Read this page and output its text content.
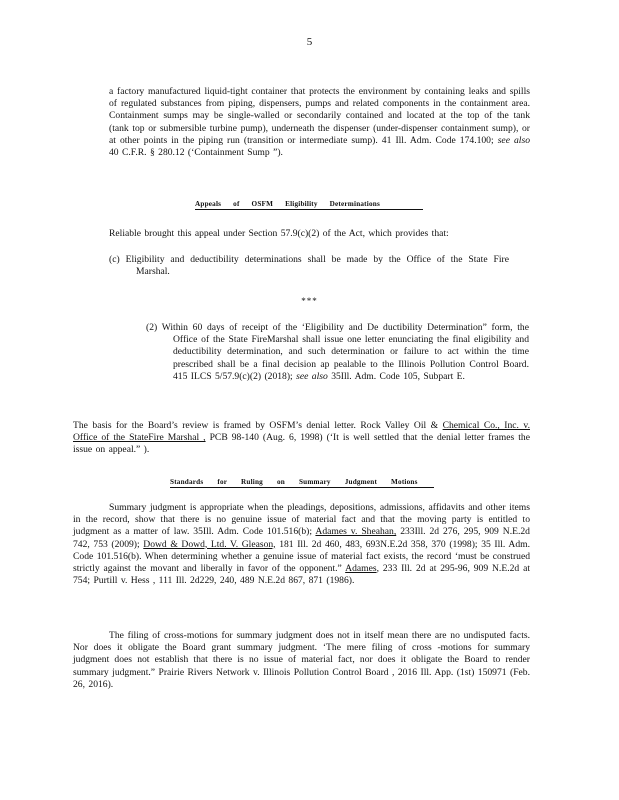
5

a factory manufactured liquid-tight container that protects the environment by containing leaks and spills of regulated substances from piping, dispensers, pumps and related components in the containment area. Containment sumps may be single-walled or secondarily contained and located at the top of the tank (tank top or submersible turbine pump), underneath the dispenser (under-dispenser containment sump), or at other points in the piping run (transition or intermediate sump). 41 Ill. Adm. Code 174.100; see also 40 C.F.R. § 280.12 (‘Containment Sump ”).

Appeals of OSFM Eligibility Determinations

Reliable brought this appeal under Section 57.9(c)(2) of the Act, which provides that:

(c) Eligibility and deductibility determinations shall be made by the Office of the State Fire Marshal.

***

(2) Within 60 days of receipt of the ‘Eligibility and De ductibility Determination” form, the Office of the State FireMarshal shall issue one letter enunciating the final eligibility and deductibility determination, and such determination or failure to act within the time prescribed shall be a final decision ap pealable to the Illinois Pollution Control Board. 415 ILCS 5/57.9(c)(2) (2018); see also 35Ill. Adm. Code 105, Subpart E.

The basis for the Board’s review is framed by OSFM’s denial letter. Rock Valley Oil & Chemical Co., Inc. v. Office of the StateFire Marshal , PCB 98-140 (Aug. 6, 1998) (‘It is well settled that the denial letter frames the issue on appeal.” ).

Standards for Ruling on Summary Judgment Motions

Summary judgment is appropriate when the pleadings, depositions, admissions, affidavits and other items in the record, show that there is no genuine issue of material fact and that the moving party is entitled to judgment as a matter of law. 35Ill. Adm. Code 101.516(b); Adames v. Sheahan, 233Ill. 2d 276, 295, 909 N.E.2d 742, 753 (2009); Dowd & Dowd, Ltd. V. Gleason, 181 Ill. 2d 460, 483, 693N.E.2d 358, 370 (1998); 35 Ill. Adm. Code 101.516(b). When determining whether a genuine issue of material fact exists, the record ‘must be construed strictly against the movant and liberally in favor of the opponent.” Adames, 233 Ill. 2d at 295-96, 909 N.E.2d at 754; Purtill v. Hess , 111 Ill. 2d229, 240, 489 N.E.2d 867, 871 (1986).

The filing of cross-motions for summary judgment does not in itself mean there are no undisputed facts. Nor does it obligate the Board grant summary judgment. ‘The mere filing of cross -motions for summary judgment does not establish that there is no issue of material fact, nor does it obligate the Board to render summary judgment.” Prairie Rivers Network v. Illinois Pollution Control Board , 2016 Ill. App. (1st) 150971 (Feb. 26, 2016).
